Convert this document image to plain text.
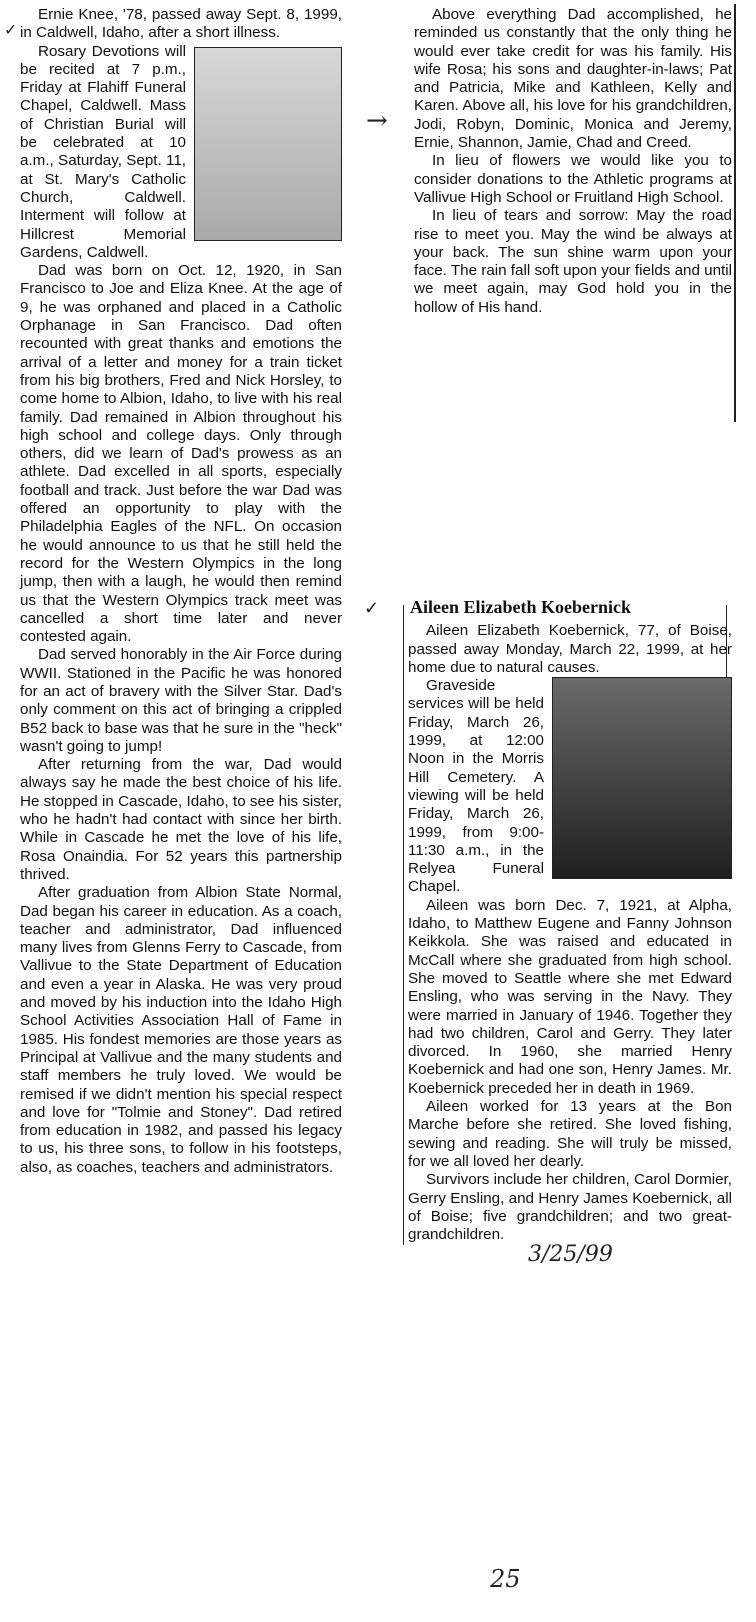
✓
✓
→

Ernie Knee, '78, passed away Sept. 8, 1999, in Caldwell, Idaho, after a short illness.

Rosary Devotions will be recited at 7 p.m., Friday at Flahiff Funeral Chapel, Caldwell. Mass of Christian Burial will be celebrated at 10 a.m., Saturday, Sept. 11, at St. Mary's Catholic Church, Caldwell. Interment will follow at Hillcrest Memorial Gardens, Caldwell.

Dad was born on Oct. 12, 1920, in San Francisco to Joe and Eliza Knee. At the age of 9, he was orphaned and placed in a Catholic Orphanage in San Francisco. Dad often recounted with great thanks and emotions the arrival of a letter and money for a train ticket from his big brothers, Fred and Nick Horsley, to come home to Albion, Idaho, to live with his real family. Dad remained in Albion throughout his high school and college days. Only through others, did we learn of Dad's prowess as an athlete. Dad excelled in all sports, especially football and track. Just before the war Dad was offered an opportunity to play with the Philadelphia Eagles of the NFL. On occasion he would announce to us that he still held the record for the Western Olympics in the long jump, then with a laugh, he would then remind us that the Western Olympics track meet was cancelled a short time later and never contested again.

Dad served honorably in the Air Force during WWII. Stationed in the Pacific he was honored for an act of bravery with the Silver Star. Dad's only comment on this act of bringing a crippled B52 back to base was that he sure in the "heck" wasn't going to jump!

After returning from the war, Dad would always say he made the best choice of his life. He stopped in Cascade, Idaho, to see his sister, who he hadn't had contact with since her birth. While in Cascade he met the love of his life, Rosa Onaindia. For 52 years this partnership thrived.

After graduation from Albion State Normal, Dad began his career in education. As a coach, teacher and administrator, Dad influenced many lives from Glenns Ferry to Cascade, from Vallivue to the State Department of Education and even a year in Alaska. He was very proud and moved by his induction into the Idaho High School Activities Association Hall of Fame in 1985. His fondest memories are those years as Principal at Vallivue and the many students and staff members he truly loved. We would be remised if we didn't mention his special respect and love for "Tolmie and Stoney". Dad retired from education in 1982, and passed his legacy to us, his three sons, to follow in his footsteps, also, as coaches, teachers and administrators.

Above everything Dad accomplished, he reminded us constantly that the only thing he would ever take credit for was his family. His wife Rosa; his sons and daughter-in-laws; Pat and Patricia, Mike and Kathleen, Kelly and Karen. Above all, his love for his grandchildren, Jodi, Robyn, Dominic, Monica and Jeremy, Ernie, Shannon, Jamie, Chad and Creed.

In lieu of flowers we would like you to consider donations to the Athletic programs at Vallivue High School or Fruitland High School.

In lieu of tears and sorrow: May the road rise to meet you. May the wind be always at your back. The sun shine warm upon your face. The rain fall soft upon your fields and until we meet again, may God hold you in the hollow of His hand.

Aileen Elizabeth Koebernick

Aileen Elizabeth Koebernick, 77, of Boise, passed away Monday, March 22, 1999, at her home due to natural causes.

Graveside services will be held Friday, March 26, 1999, at 12:00 Noon in the Morris Hill Cemetery. A viewing will be held Friday, March 26, 1999, from 9:00-11:30 a.m., in the Relyea Funeral Chapel.

Aileen was born Dec. 7, 1921, at Alpha, Idaho, to Matthew Eugene and Fanny Johnson Keikkola. She was raised and educated in McCall where she graduated from high school. She moved to Seattle where she met Edward Ensling, who was serving in the Navy. They were married in January of 1946. Together they had two children, Carol and Gerry. They later divorced. In 1960, she married Henry Koebernick and had one son, Henry James. Mr. Koebernick preceded her in death in 1969.

Aileen worked for 13 years at the Bon Marche before she retired. She loved fishing, sewing and reading. She will truly be missed, for we all loved her dearly.

Survivors include her children, Carol Dormier, Gerry Ensling, and Henry James Koebernick, all of Boise; five grandchildren; and two great-grandchildren.

3/25/99
25
